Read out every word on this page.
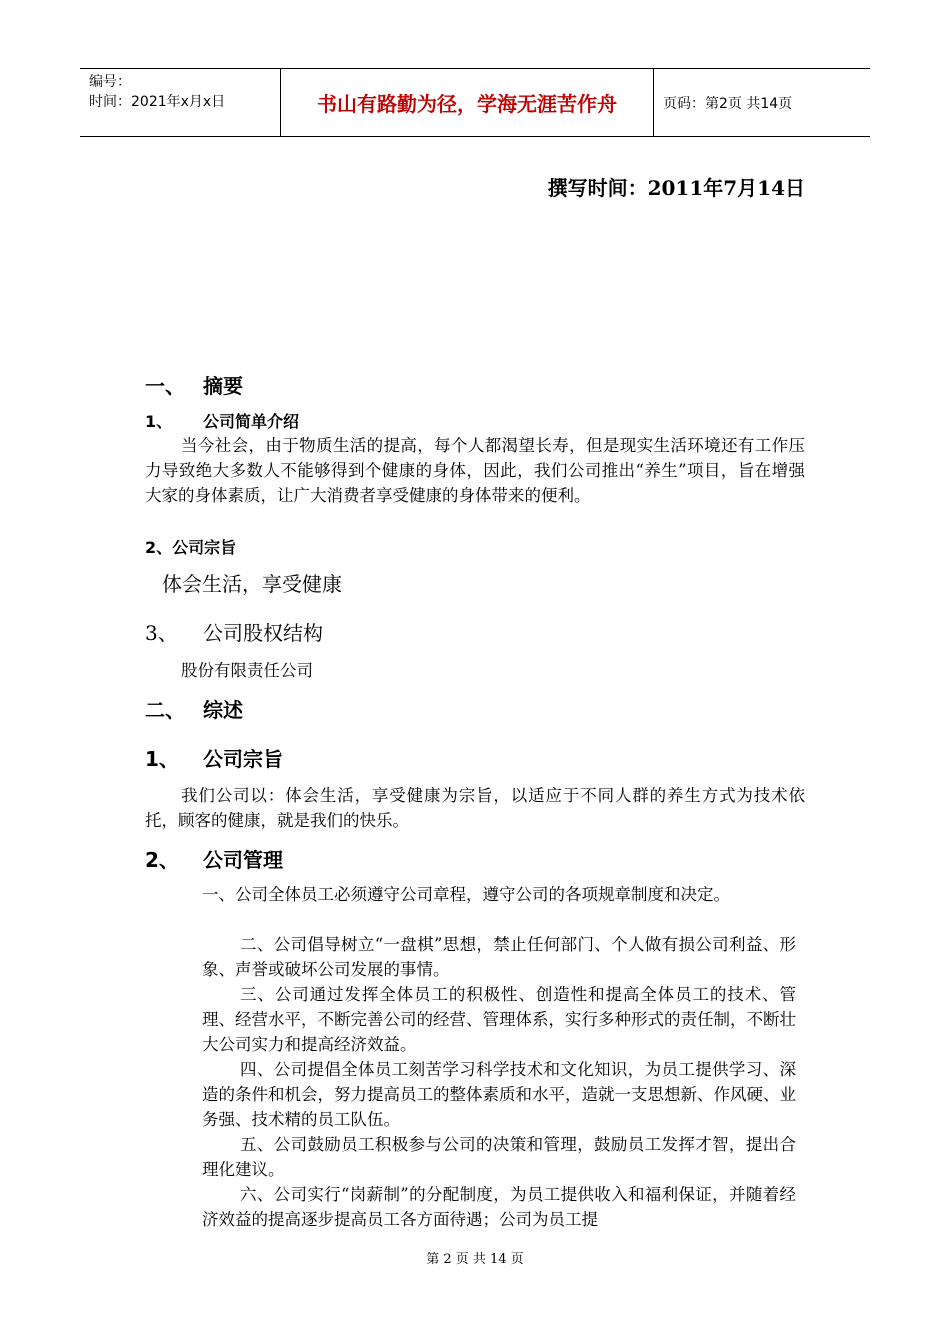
编号：
时间：2021年x月x日	书山有路勤为径，学海无涯苦作舟	页码：第2页 共14页
撰写时间：2011年7月14日
一、 摘要
1、 公司简单介绍
当今社会，由于物质生活的提高，每个人都渴望长寿，但是现实生活环境还有工作压力导致绝大多数人不能够得到个健康的身体，因此，我们公司推出“养生”项目，旨在增强大家的身体素质，让广大消费者享受健康的身体带来的便利。
2、公司宗旨
体会生活，享受健康
3、 公司股权结构
股份有限责任公司
二、 综述
1、 公司宗旨
我们公司以：体会生活，享受健康为宗旨，以适应于不同人群的养生方式为技术依托，顾客的健康，就是我们的快乐。
2、 公司管理
一、公司全体员工必须遵守公司章程，遵守公司的各项规章制度和决定。
二、公司倡导树立“一盘棋”思想，禁止任何部门、个人做有损公司利益、形象、声誉或破坏公司发展的事情。
三、公司通过发挥全体员工的积极性、创造性和提高全体员工的技术、管理、经营水平，不断完善公司的经营、管理体系，实行多种形式的责任制，不断壮大公司实力和提高经济效益。
四、公司提倡全体员工刻苦学习科学技术和文化知识，为员工提供学习、深造的条件和机会，努力提高员工的整体素质和水平，造就一支思想新、作风硬、业务强、技术精的员工队伍。
五、公司鼓励员工积极参与公司的决策和管理，鼓励员工发挥才智，提出合理化建议。
六、公司实行“岗薪制”的分配制度，为员工提供收入和福利保证，并随着经济效益的提高逐步提高员工各方面待遇；公司为员工提
第 2 页 共 14 页
